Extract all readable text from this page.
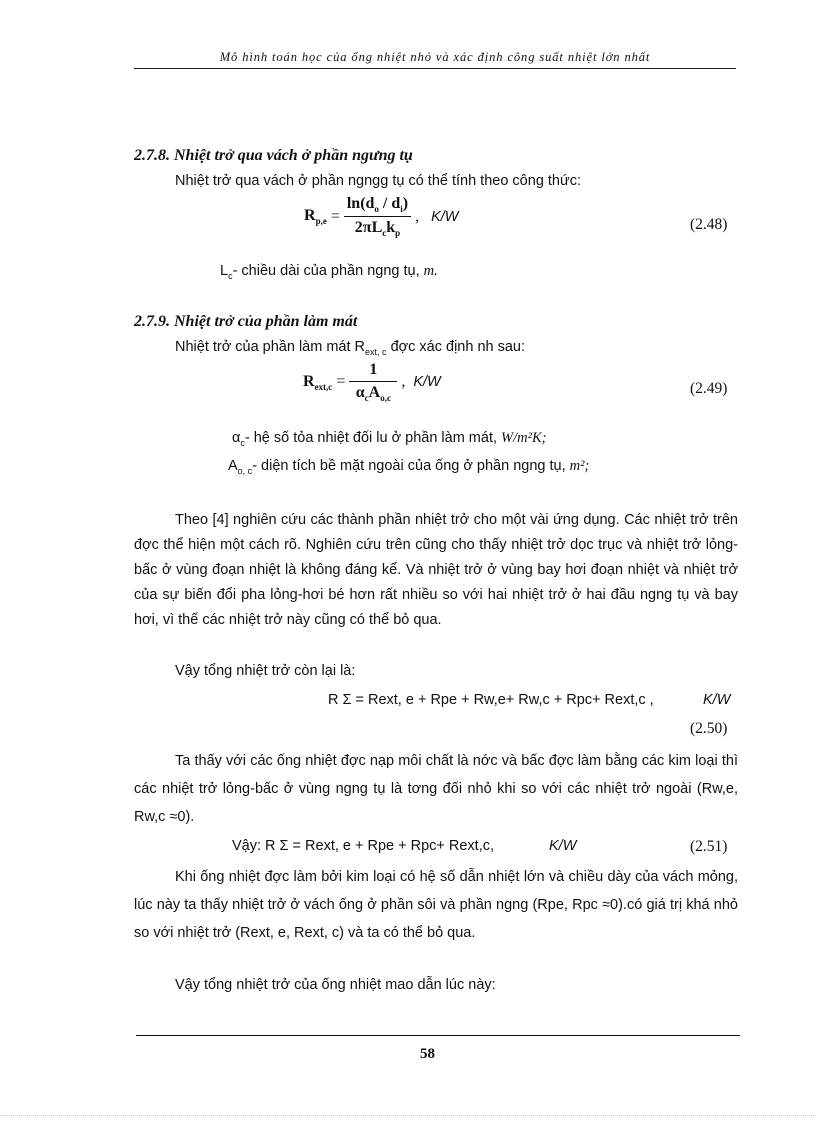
Mô hình toán học của ống nhiệt nhỏ và xác định công suất nhiệt lớn nhất
2.7.8. Nhiệt trở qua vách ở phần ngưng tụ
Nhiệt trở qua vách ở phần ngngg tụ có thể tính theo công thức:
$R_{p,e} = \frac{\ln(d_o / d_i)}{2\pi L_ck_p}$ , K/W	(2.48)
$L_c-$ chiều dài của phần ngng tụ, m.
2.7.9. Nhiệt trở của phần làm mát
Nhiệt trở của phần làm mát $R_{ext, c}$ đợc xác định nh sau:
$R_{ext,c} = \frac{1}{\alpha_cA_{o,c}}$ , K/W	(2.49)
$\alpha_c-$ hệ số tỏa nhiệt đối lu ở phần làm mát, W/m²K;
$A_{o, c}-$ diện tích bề mặt ngoài của ống ở phần ngng tụ, m²;
Theo [4] nghiên cứu các thành phần nhiệt trở cho một vài ứng dụng. Các nhiệt trở trên đợc thể hiện một cách rõ. Nghiên cứu trên cũng cho thấy nhiệt trở dọc trục và nhiệt trở lỏng-bấc ở vùng đoạn nhiệt là không đáng kể. Và nhiệt trở ở vùng bay hơi đoạn nhiệt và nhiệt trở của sự biến đổi pha lỏng-hơi bé hơn rất nhiều so với hai nhiệt trở ở hai đầu ngng tụ và bay hơi, vì thế các nhiệt trở này cũng có thể bỏ qua.
Vậy tổng nhiệt trở còn lại là:
R Σ = Rext, e + Rpe + Rw,e+ Rw,c + Rpc+ Rext,c ,	K/W
(2.50)
Ta thấy với các ống nhiệt đợc nạp môi chất là nớc và bấc đợc làm bằng các kim loại thì các nhiệt trở lỏng-bấc ở vùng ngng tụ là tơng đối nhỏ khi so với các nhiệt trở ngoài (Rw,e, Rw,c ≈0).
Vậy: R Σ = Rext, e + Rpe + Rpc+ Rext,c,	K/W	(2.51)
Khi ống nhiệt đợc làm bởi kim loại có hệ số dẫn nhiệt lớn và chiều dày của vách mỏng, lúc này ta thấy nhiệt trở ở vách ống ở phần sôi và phần ngng (Rpe, Rpc ≈0).có giá trị khá nhỏ so với nhiệt trở (Rext, e, Rext, c) và ta có thể bỏ qua.
Vậy tổng nhiệt trở của ống nhiệt mao dẫn lúc này:
58
